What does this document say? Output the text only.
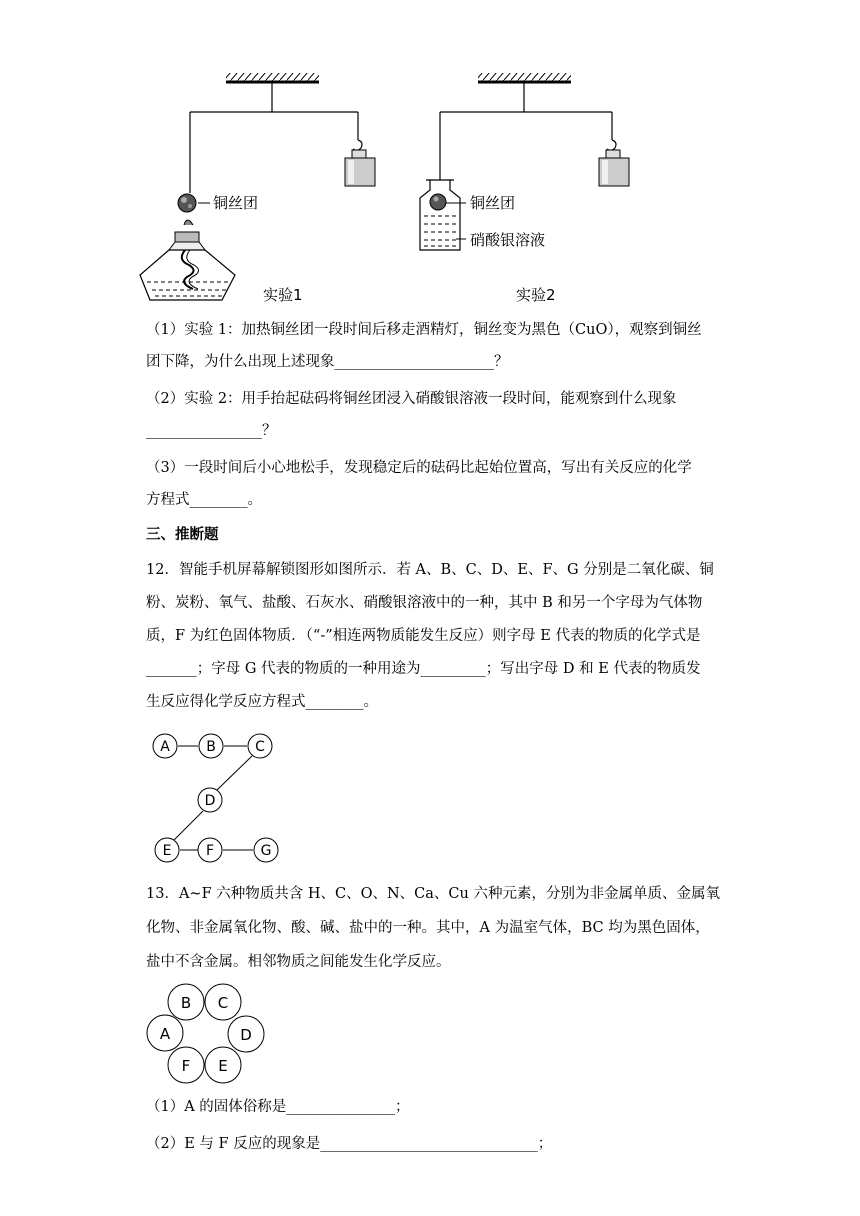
铜丝团
实验1
铜丝团
硝酸银溶液
实验2
（1）实验 1：加热铜丝团一段时间后移走酒精灯，铜丝变为黑色（CuO），观察到铜丝
团下降，为什么出现上述现象______________________？
（2）实验 2：用手抬起砝码将铜丝团浸入硝酸银溶液一段时间，能观察到什么现象
________________？
（3）一段时间后小心地松手，发现稳定后的砝码比起始位置高，写出有关反应的化学
方程式________。
三、推断题
12．智能手机屏幕解锁图形如图所示．若 A、B、C、D、E、F、G 分别是二氧化碳、铜
粉、炭粉、氧气、盐酸、石灰水、硝酸银溶液中的一种，其中 B 和另一个字母为气体物
质，F 为红色固体物质．（“-”相连两物质能发生反应）则字母 E 代表的物质的化学式是
_______；字母 G 代表的物质的一种用途为_________；写出字母 D 和 E 代表的物质发
生反应得化学反应方程式________。
A	B	C
D
E F	G
13．A~F 六种物质共含 H、C、O、N、Ca、Cu 六种元素，分别为非金属单质、金属氧
化物、非金属氧化物、酸、碱、盐中的一种。其中，A 为温室气体，BC 均为黑色固体，
盐中不含金属。相邻物质之间能发生化学反应。
B C
A	D
F E
（1）A 的固体俗称是_______________；
（2）E 与 F 反应的现象是______________________________；
